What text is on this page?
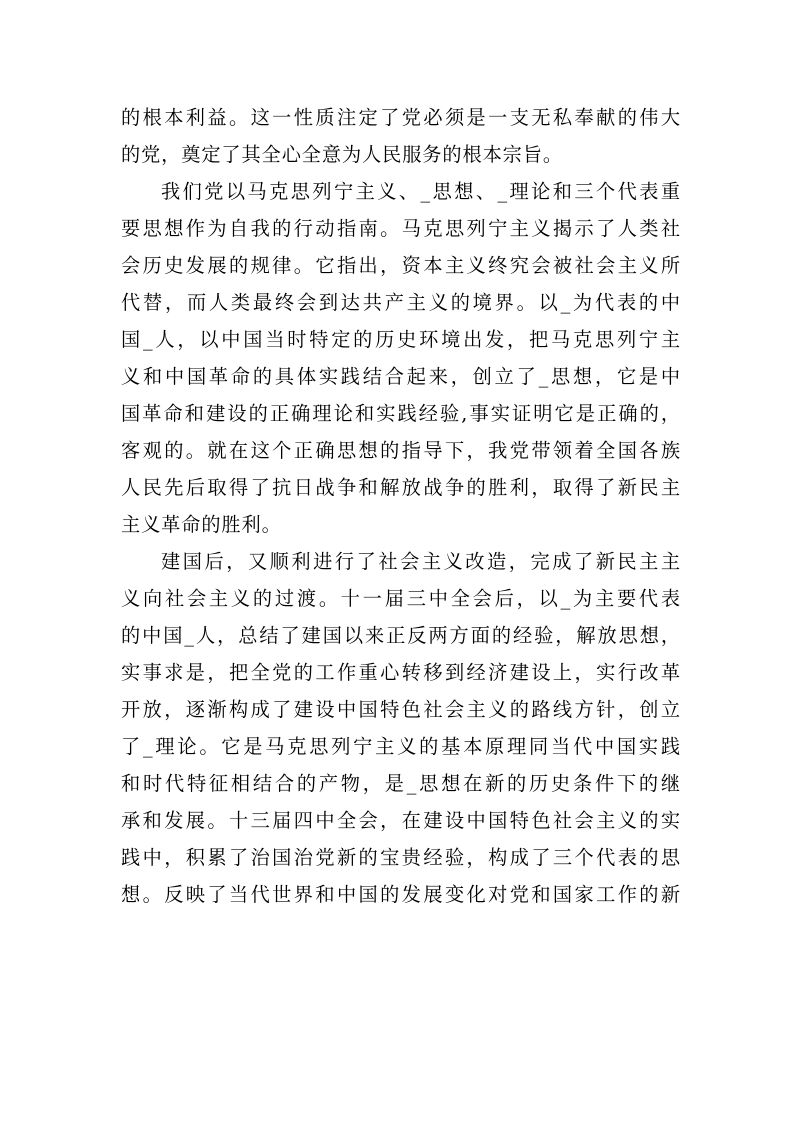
的根本利益。这一性质注定了党必须是一支无私奉献的伟大
的党，奠定了其全心全意为人民服务的根本宗旨。
我们党以马克思列宁主义、_思想、_理论和三个代表重
要思想作为自我的行动指南。马克思列宁主义揭示了人类社
会历史发展的规律。它指出，资本主义终究会被社会主义所
代替，而人类最终会到达共产主义的境界。以_为代表的中
国_人，以中国当时特定的历史环境出发，把马克思列宁主
义和中国革命的具体实践结合起来，创立了_思想，它是中
国革命和建设的正确理论和实践经验,事实证明它是正确的，
客观的。就在这个正确思想的指导下，我党带领着全国各族
人民先后取得了抗日战争和解放战争的胜利，取得了新民主
主义革命的胜利。
建国后，又顺利进行了社会主义改造，完成了新民主主
义向社会主义的过渡。十一届三中全会后，以_为主要代表
的中国_人，总结了建国以来正反两方面的经验，解放思想，
实事求是，把全党的工作重心转移到经济建设上，实行改革
开放，逐渐构成了建设中国特色社会主义的路线方针，创立
了_理论。它是马克思列宁主义的基本原理同当代中国实践
和时代特征相结合的产物，是_思想在新的历史条件下的继
承和发展。十三届四中全会，在建设中国特色社会主义的实
践中，积累了治国治党新的宝贵经验，构成了三个代表的思
想。反映了当代世界和中国的发展变化对党和国家工作的新
